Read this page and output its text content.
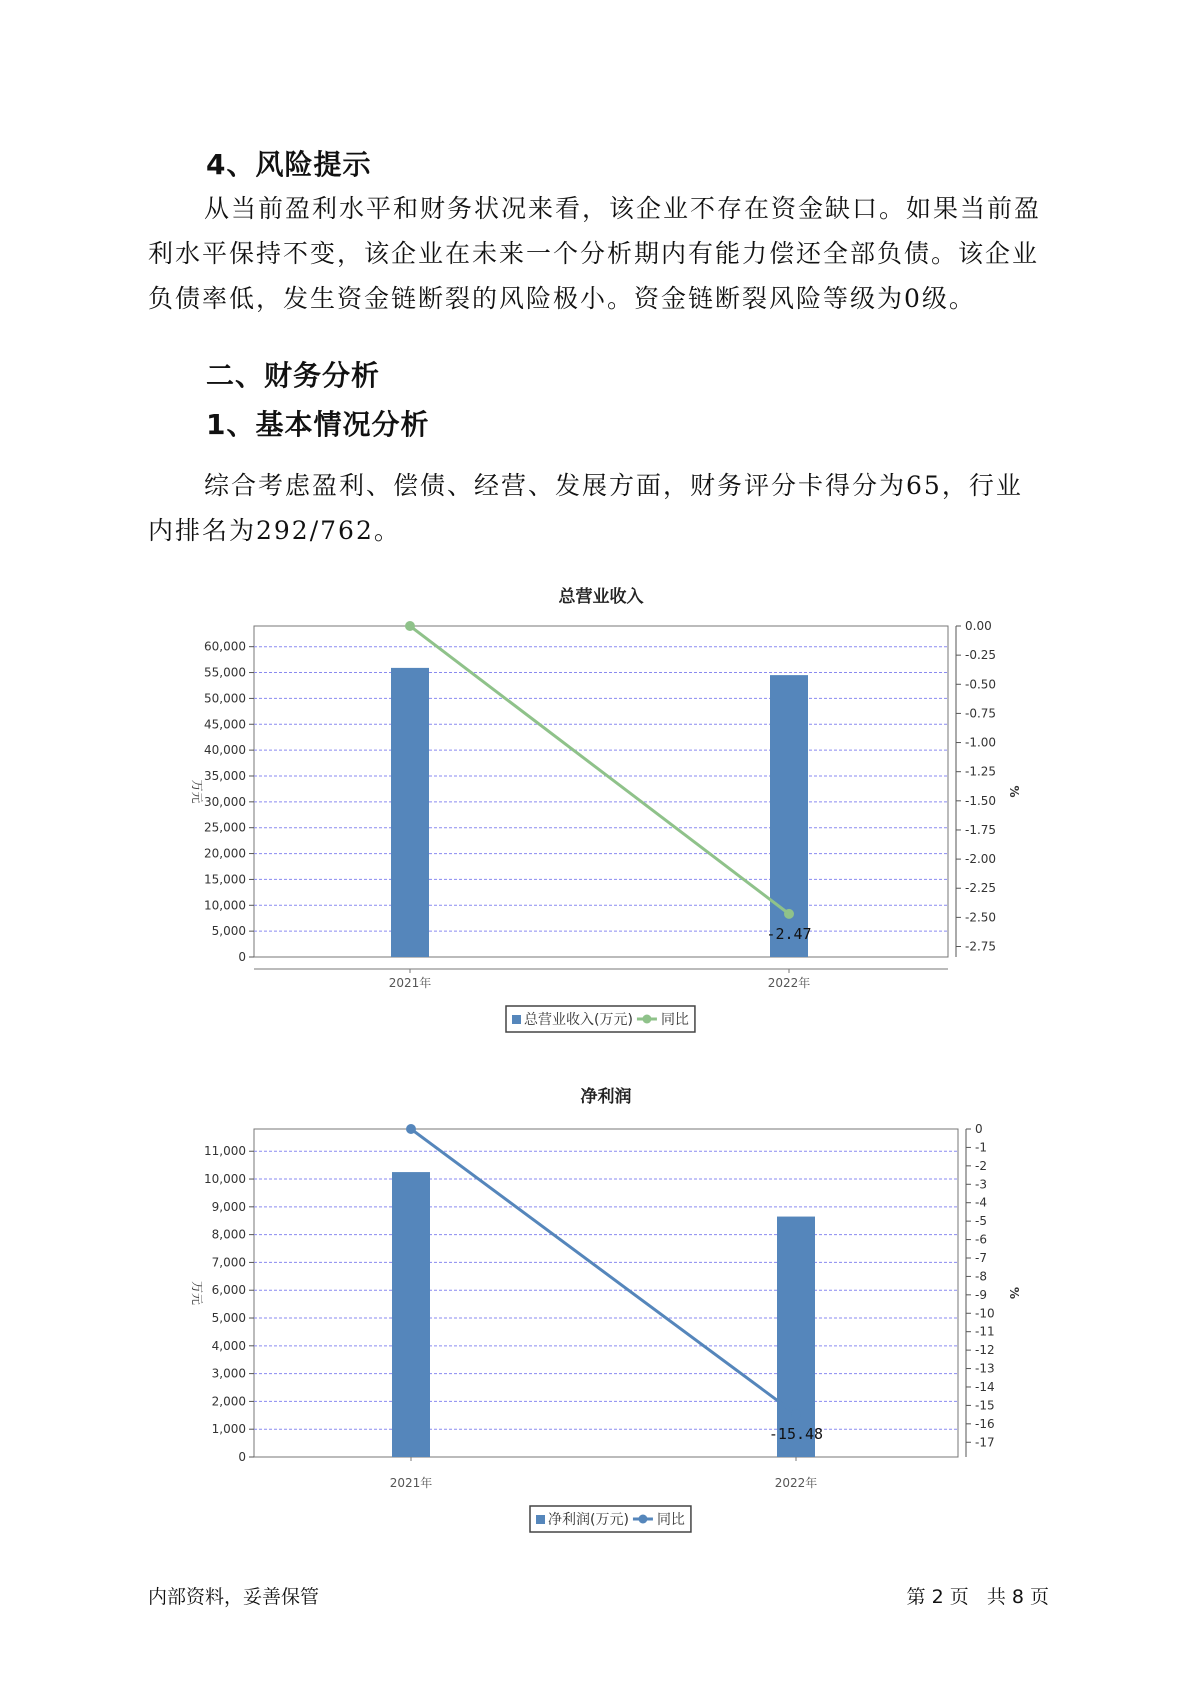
4、风险提示

从当前盈利水平和财务状况来看，该企业不存在资金缺口。如果当前盈利水平保持不变，该企业在未来一个分析期内有能力偿还全部负债。该企业负债率低，发生资金链断裂的风险极小。资金链断裂风险等级为0级。

二、财务分析
1、基本情况分析

综合考虑盈利、偿债、经营、发展方面，财务评分卡得分为65，行业内排名为292/762。

总营业收入
0
5,000
10,000
15,000
20,000
25,000
30,000
35,000
40,000
45,000
50,000
55,000
60,000
万元
0.00
-0.25
-0.50
-0.75
-1.00
-1.25
-1.50
-1.75
-2.00
-2.25
-2.50
-2.75
%
2021年	2022年
-2.47
总营业收入(万元) 同比
净利润
0
1,000
2,000
3,000
4,000
5,000
6,000
7,000
8,000
9,000
10,000
11,000
万元
0
-1
-2
-3
-4
-5
-6
-7
-8
-9
-10
-11
-12
-13
-14
-15
-16
-17
%
2021年	2022年
-15.48
净利润(万元) 同比
内部资料，妥善保管	第 2 页   共 8 页
